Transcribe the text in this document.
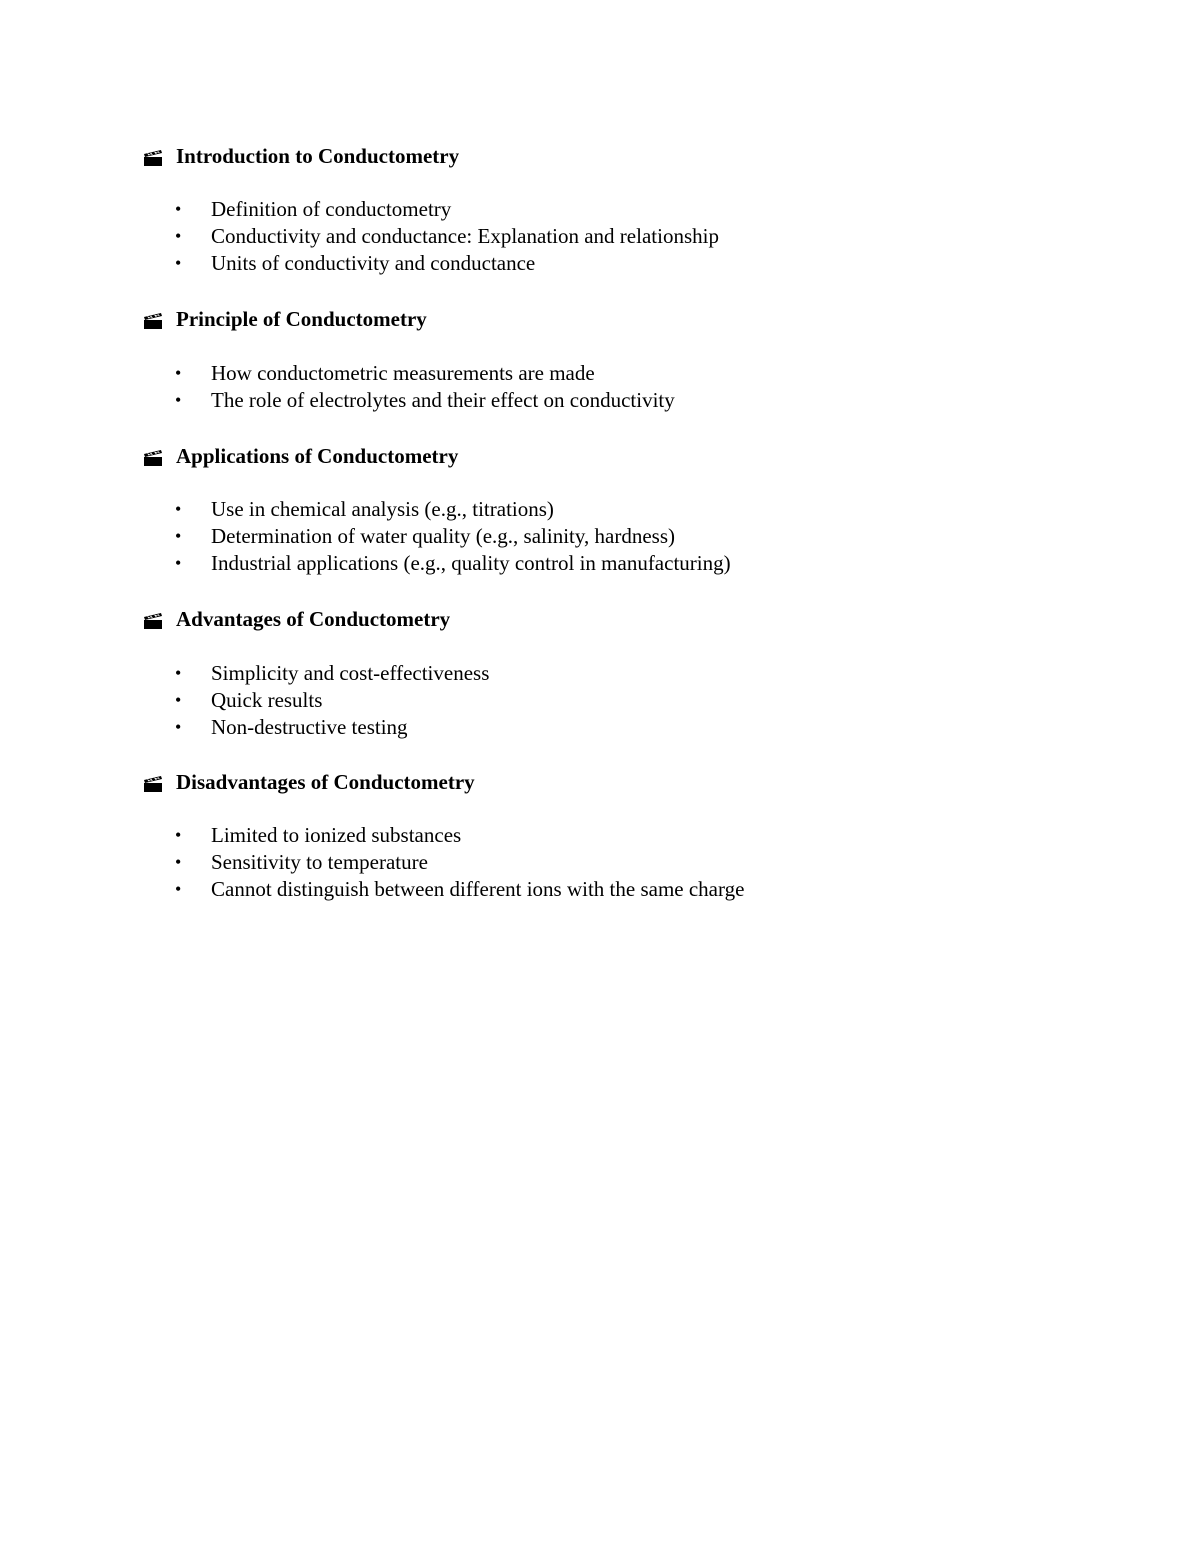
Introduction to Conductometry
• Definition of conductometry
• Conductivity and conductance: Explanation and relationship
• Units of conductivity and conductance
Principle of Conductometry
• How conductometric measurements are made
• The role of electrolytes and their effect on conductivity
Applications of Conductometry
• Use in chemical analysis (e.g., titrations)
• Determination of water quality (e.g., salinity, hardness)
• Industrial applications (e.g., quality control in manufacturing)
Advantages of Conductometry
• Simplicity and cost-effectiveness
• Quick results
• Non-destructive testing
Disadvantages of Conductometry
• Limited to ionized substances
• Sensitivity to temperature
• Cannot distinguish between different ions with the same charge
